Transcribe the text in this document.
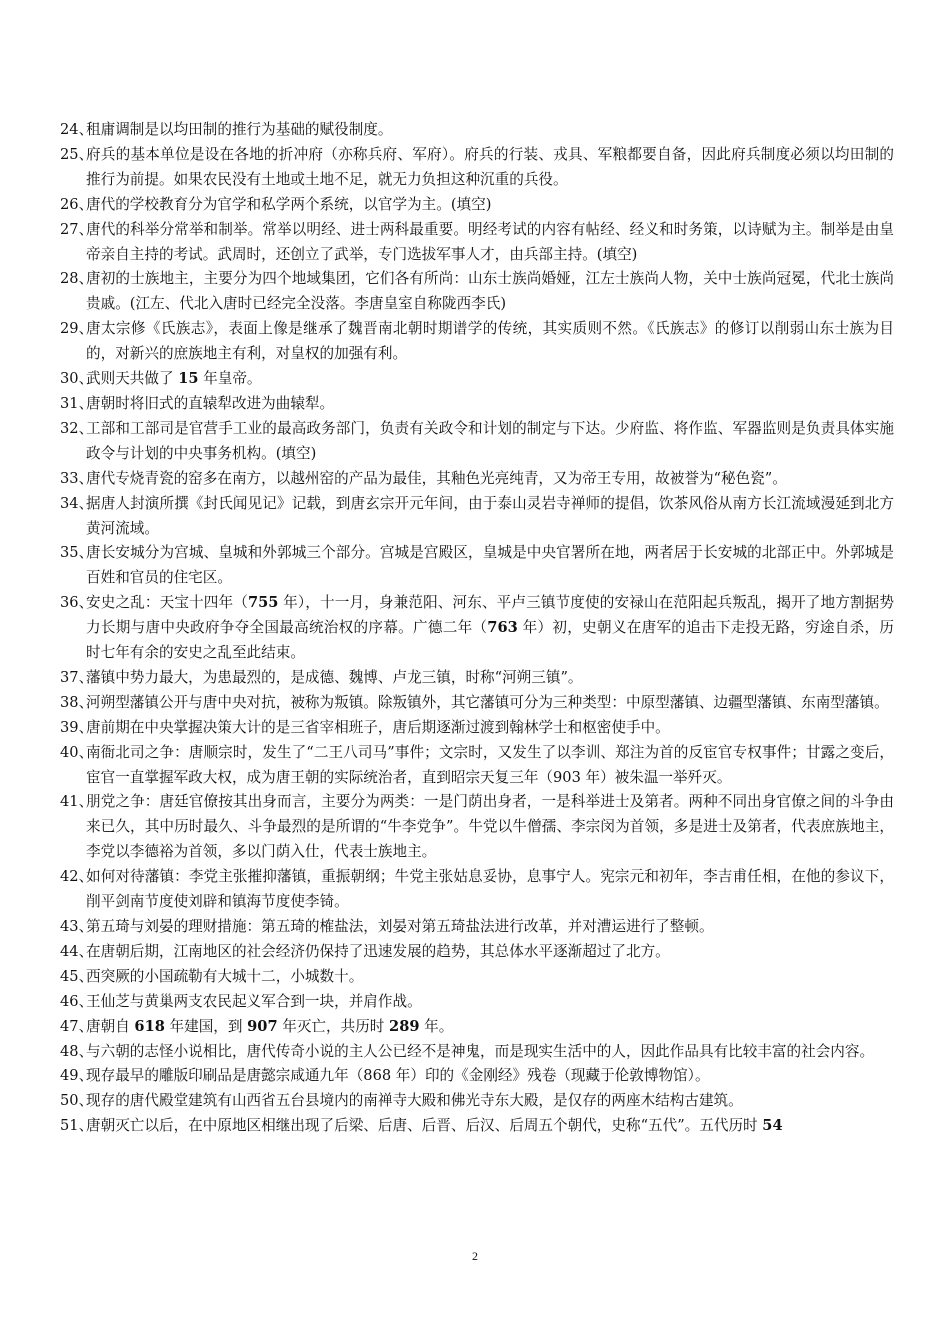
24、
租庸调制是以均田制的推行为基础的赋役制度。
25、
府兵的基本单位是设在各地的折冲府（亦称兵府、军府）。府兵的行装、戎具、军粮都要自备，因此府兵制度必须以均田制的推行为前提。如果农民没有土地或土地不足，就无力负担这种沉重的兵役。
26、
唐代的学校教育分为官学和私学两个系统，以官学为主。(填空)
27、
唐代的科举分常举和制举。常举以明经、进士两科最重要。明经考试的内容有帖经、经义和时务策，以诗赋为主。制举是由皇帝亲自主持的考试。武周时，还创立了武举，专门选拔军事人才，由兵部主持。(填空)
28、
唐初的士族地主，主要分为四个地域集团，它们各有所尚：山东士族尚婚娅，江左士族尚人物，关中士族尚冠冕，代北士族尚贵戚。(江左、代北入唐时已经完全没落。李唐皇室自称陇西李氏)
29、
唐太宗修《氏族志》，表面上像是继承了魏晋南北朝时期谱学的传统，其实质则不然。《氏族志》的修订以削弱山东士族为目的，对新兴的庶族地主有利，对皇权的加强有利。
30、
武则天共做了 15 年皇帝。
31、
唐朝时将旧式的直辕犁改进为曲辕犁。
32、
工部和工部司是官营手工业的最高政务部门，负责有关政令和计划的制定与下达。少府监、将作监、军器监则是负责具体实施政令与计划的中央事务机构。(填空)
33、
唐代专烧青瓷的窑多在南方，以越州窑的产品为最佳，其釉色光亮纯青，又为帝王专用，故被誉为“秘色瓷”。
34、
据唐人封演所撰《封氏闻见记》记载，到唐玄宗开元年间，由于泰山灵岩寺禅师的提倡，饮茶风俗从南方长江流域漫延到北方黄河流域。
35、
唐长安城分为宫城、皇城和外郭城三个部分。宫城是宫殿区，皇城是中央官署所在地，两者居于长安城的北部正中。外郭城是百姓和官员的住宅区。
36、
安史之乱：天宝十四年（755 年），十一月，身兼范阳、河东、平卢三镇节度使的安禄山在范阳起兵叛乱，揭开了地方割据势力长期与唐中央政府争夺全国最高统治权的序幕。广德二年（763 年）初，史朝义在唐军的追击下走投无路，穷途自杀，历时七年有余的安史之乱至此结束。
37、
藩镇中势力最大，为患最烈的，是成德、魏博、卢龙三镇，时称“河朔三镇”。
38、
河朔型藩镇公开与唐中央对抗，被称为叛镇。除叛镇外，其它藩镇可分为三种类型：中原型藩镇、边疆型藩镇、东南型藩镇。
39、
唐前期在中央掌握决策大计的是三省宰相班子，唐后期逐渐过渡到翰林学士和枢密使手中。
40、
南衙北司之争：唐顺宗时，发生了“二王八司马”事件；文宗时，又发生了以李训、郑注为首的反宦官专权事件；甘露之变后，宦官一直掌握军政大权，成为唐王朝的实际统治者，直到昭宗天复三年（903 年）被朱温一举歼灭。
41、
朋党之争：唐廷官僚按其出身而言，主要分为两类：一是门荫出身者，一是科举进士及第者。两种不同出身官僚之间的斗争由来已久，其中历时最久、斗争最烈的是所谓的“牛李党争”。牛党以牛僧孺、李宗闵为首领，多是进士及第者，代表庶族地主，李党以李德裕为首领，多以门荫入仕，代表士族地主。
42、
如何对待藩镇：李党主张摧抑藩镇，重振朝纲；牛党主张姑息妥协，息事宁人。宪宗元和初年，李吉甫任相，在他的参议下，削平剑南节度使刘辟和镇海节度使李锜。
43、
第五琦与刘晏的理财措施：第五琦的榷盐法，刘晏对第五琦盐法进行改革，并对漕运进行了整顿。
44、
在唐朝后期，江南地区的社会经济仍保持了迅速发展的趋势，其总体水平逐渐超过了北方。
45、
西突厥的小国疏勒有大城十二，小城数十。
46、
王仙芝与黄巢两支农民起义军合到一块，并肩作战。
47、
唐朝自 618 年建国，到 907 年灭亡，共历时 289 年。
48、
与六朝的志怪小说相比，唐代传奇小说的主人公已经不是神鬼，而是现实生活中的人，因此作品具有比较丰富的社会内容。
49、
现存最早的雕版印刷品是唐懿宗咸通九年（868 年）印的《金刚经》残卷（现藏于伦敦博物馆）。
50、
现存的唐代殿堂建筑有山西省五台县境内的南禅寺大殿和佛光寺东大殿，是仅存的两座木结构古建筑。
51、
唐朝灭亡以后，在中原地区相继出现了后梁、后唐、后晋、后汉、后周五个朝代，史称“五代”。五代历时 54
2
